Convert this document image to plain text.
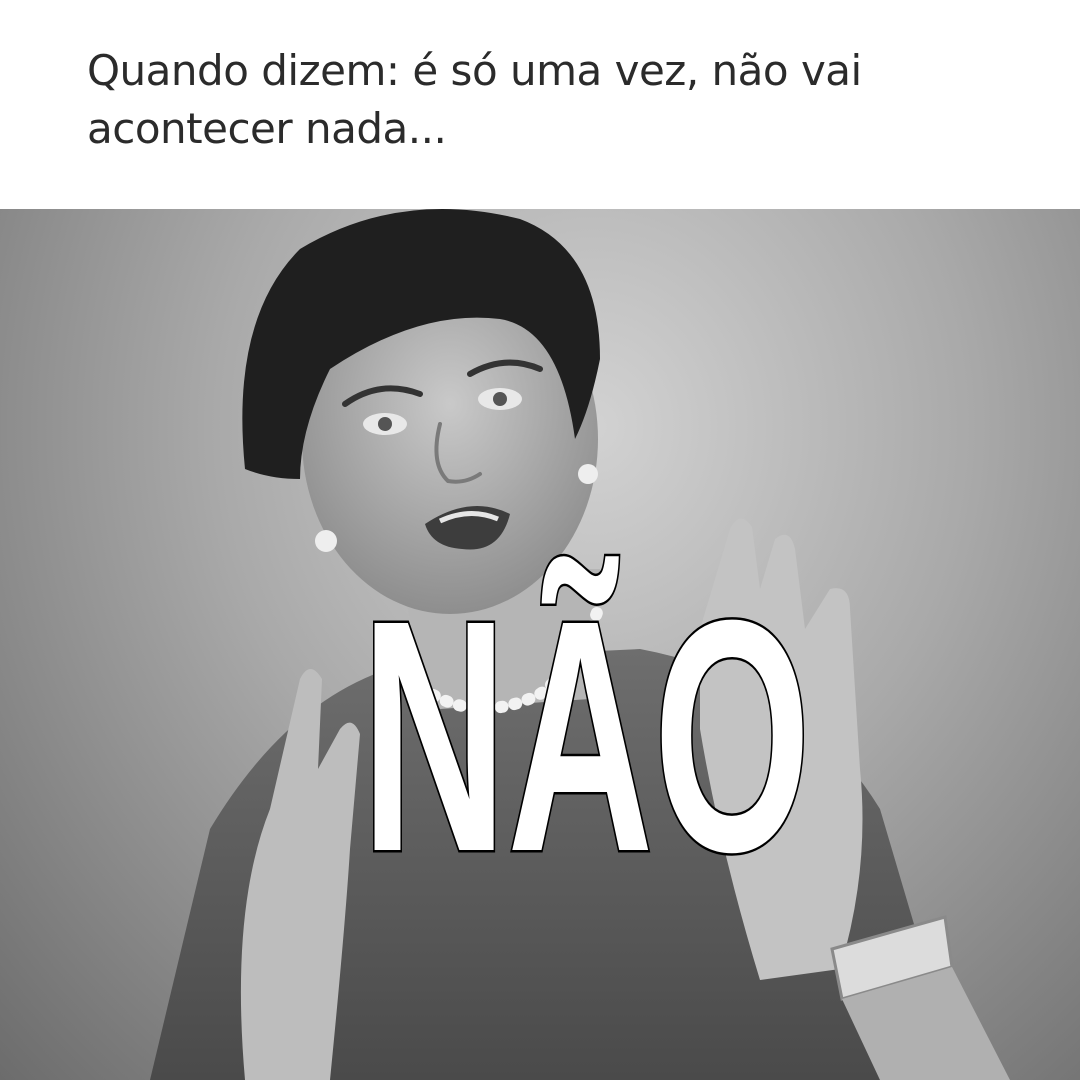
Quando dizem: é só uma vez, não vai acontecer nada...

NÃO
